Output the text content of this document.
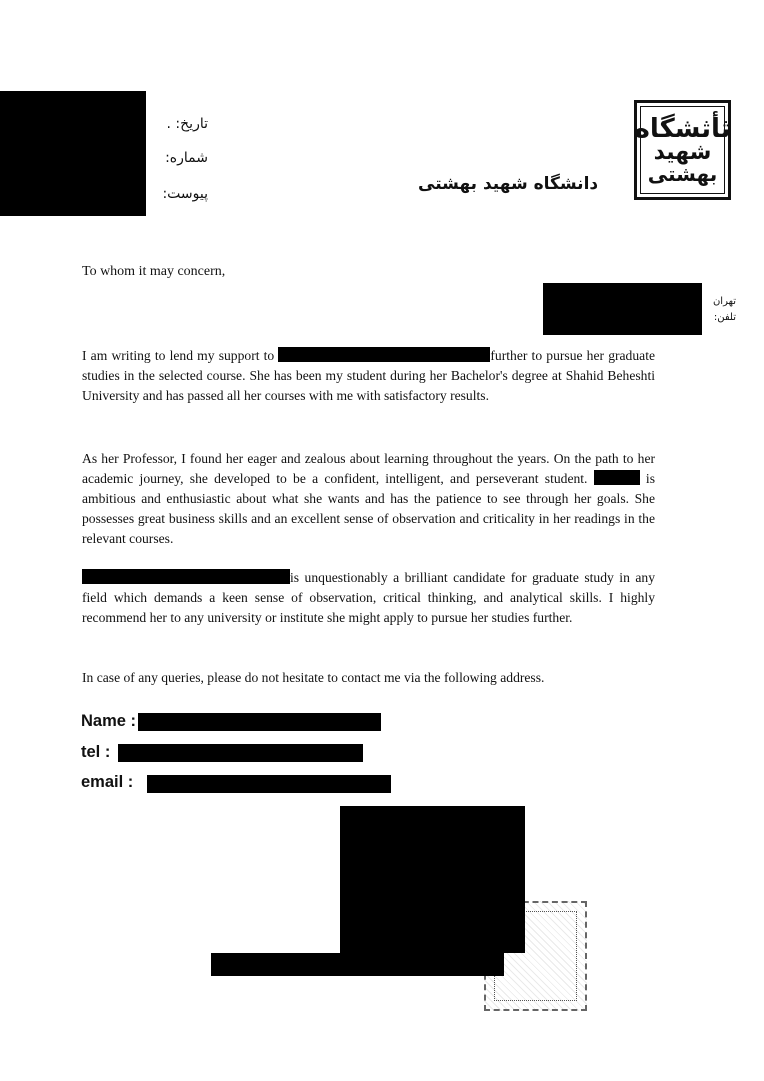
تاریخ: .
شماره:
پیوست:	دانشگاه شهید بهشتی
ثأثشگاه
شهید
بهشتی
تهران
تلفن:
To whom it may concern,
I am writing to lend my support to	further to pursue her graduate studies in the selected course. She has been my student during her Bachelor's degree at Shahid Beheshti University and has passed all her courses with me with satisfactory results.
As her Professor, I found her eager and zealous about learning throughout the years. On the path to her academic journey, she developed to be a confident, intelligent, and perseverant student.	is ambitious and enthusiastic about what she wants and has the patience to see through her goals. She possesses great business skills and an excellent sense of observation and criticality in her readings in the relevant courses.
is unquestionably a brilliant candidate for graduate study in any field which demands a keen sense of observation, critical thinking, and analytical skills. I highly recommend her to any university or institute she might apply to pursue her studies further.
In case of any queries, please do not hesitate to contact me via the following address.
Name :
tel :
email :
